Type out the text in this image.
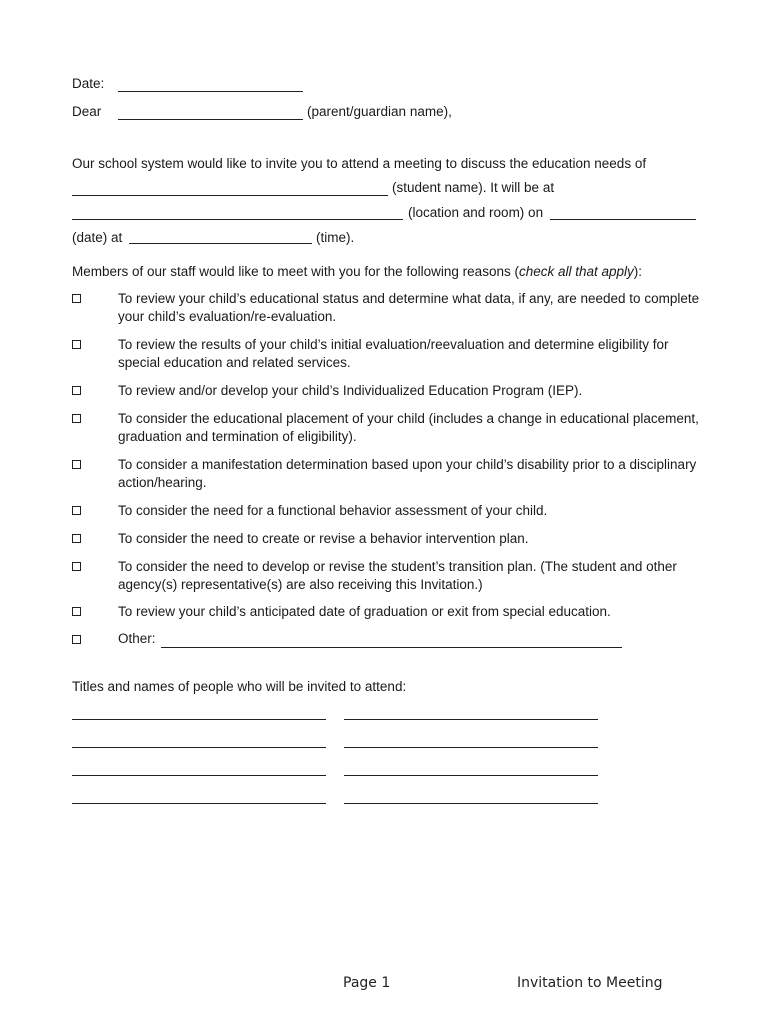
Date:
Dear	(parent/guardian name),
Our school system would like to invite you to attend a meeting to discuss the education needs of
(student name). It will be at
(location and room) on
(date) at	(time).
Members of our staff would like to meet with you for the following reasons (check all that apply):
To review your child’s educational status and determine what data, if any, are needed to complete your child’s evaluation/re-evaluation.
To review the results of your child’s initial evaluation/reevaluation and determine eligibility for special education and related services.
To review and/or develop your child’s Individualized Education Program (IEP).
To consider the educational placement of your child (includes a change in educational placement, graduation and termination of eligibility).
To consider a manifestation determination based upon your child’s disability prior to a disciplinary action/hearing.
To consider the need for a functional behavior assessment of your child.
To consider the need to create or revise a behavior intervention plan.
To consider the need to develop or revise the student’s transition plan. (The student and other agency(s) representative(s) are also receiving this Invitation.)
To review your child’s anticipated date of graduation or exit from special education.
Other:
Titles and names of people who will be invited to attend:
Page 1	Invitation to Meeting
